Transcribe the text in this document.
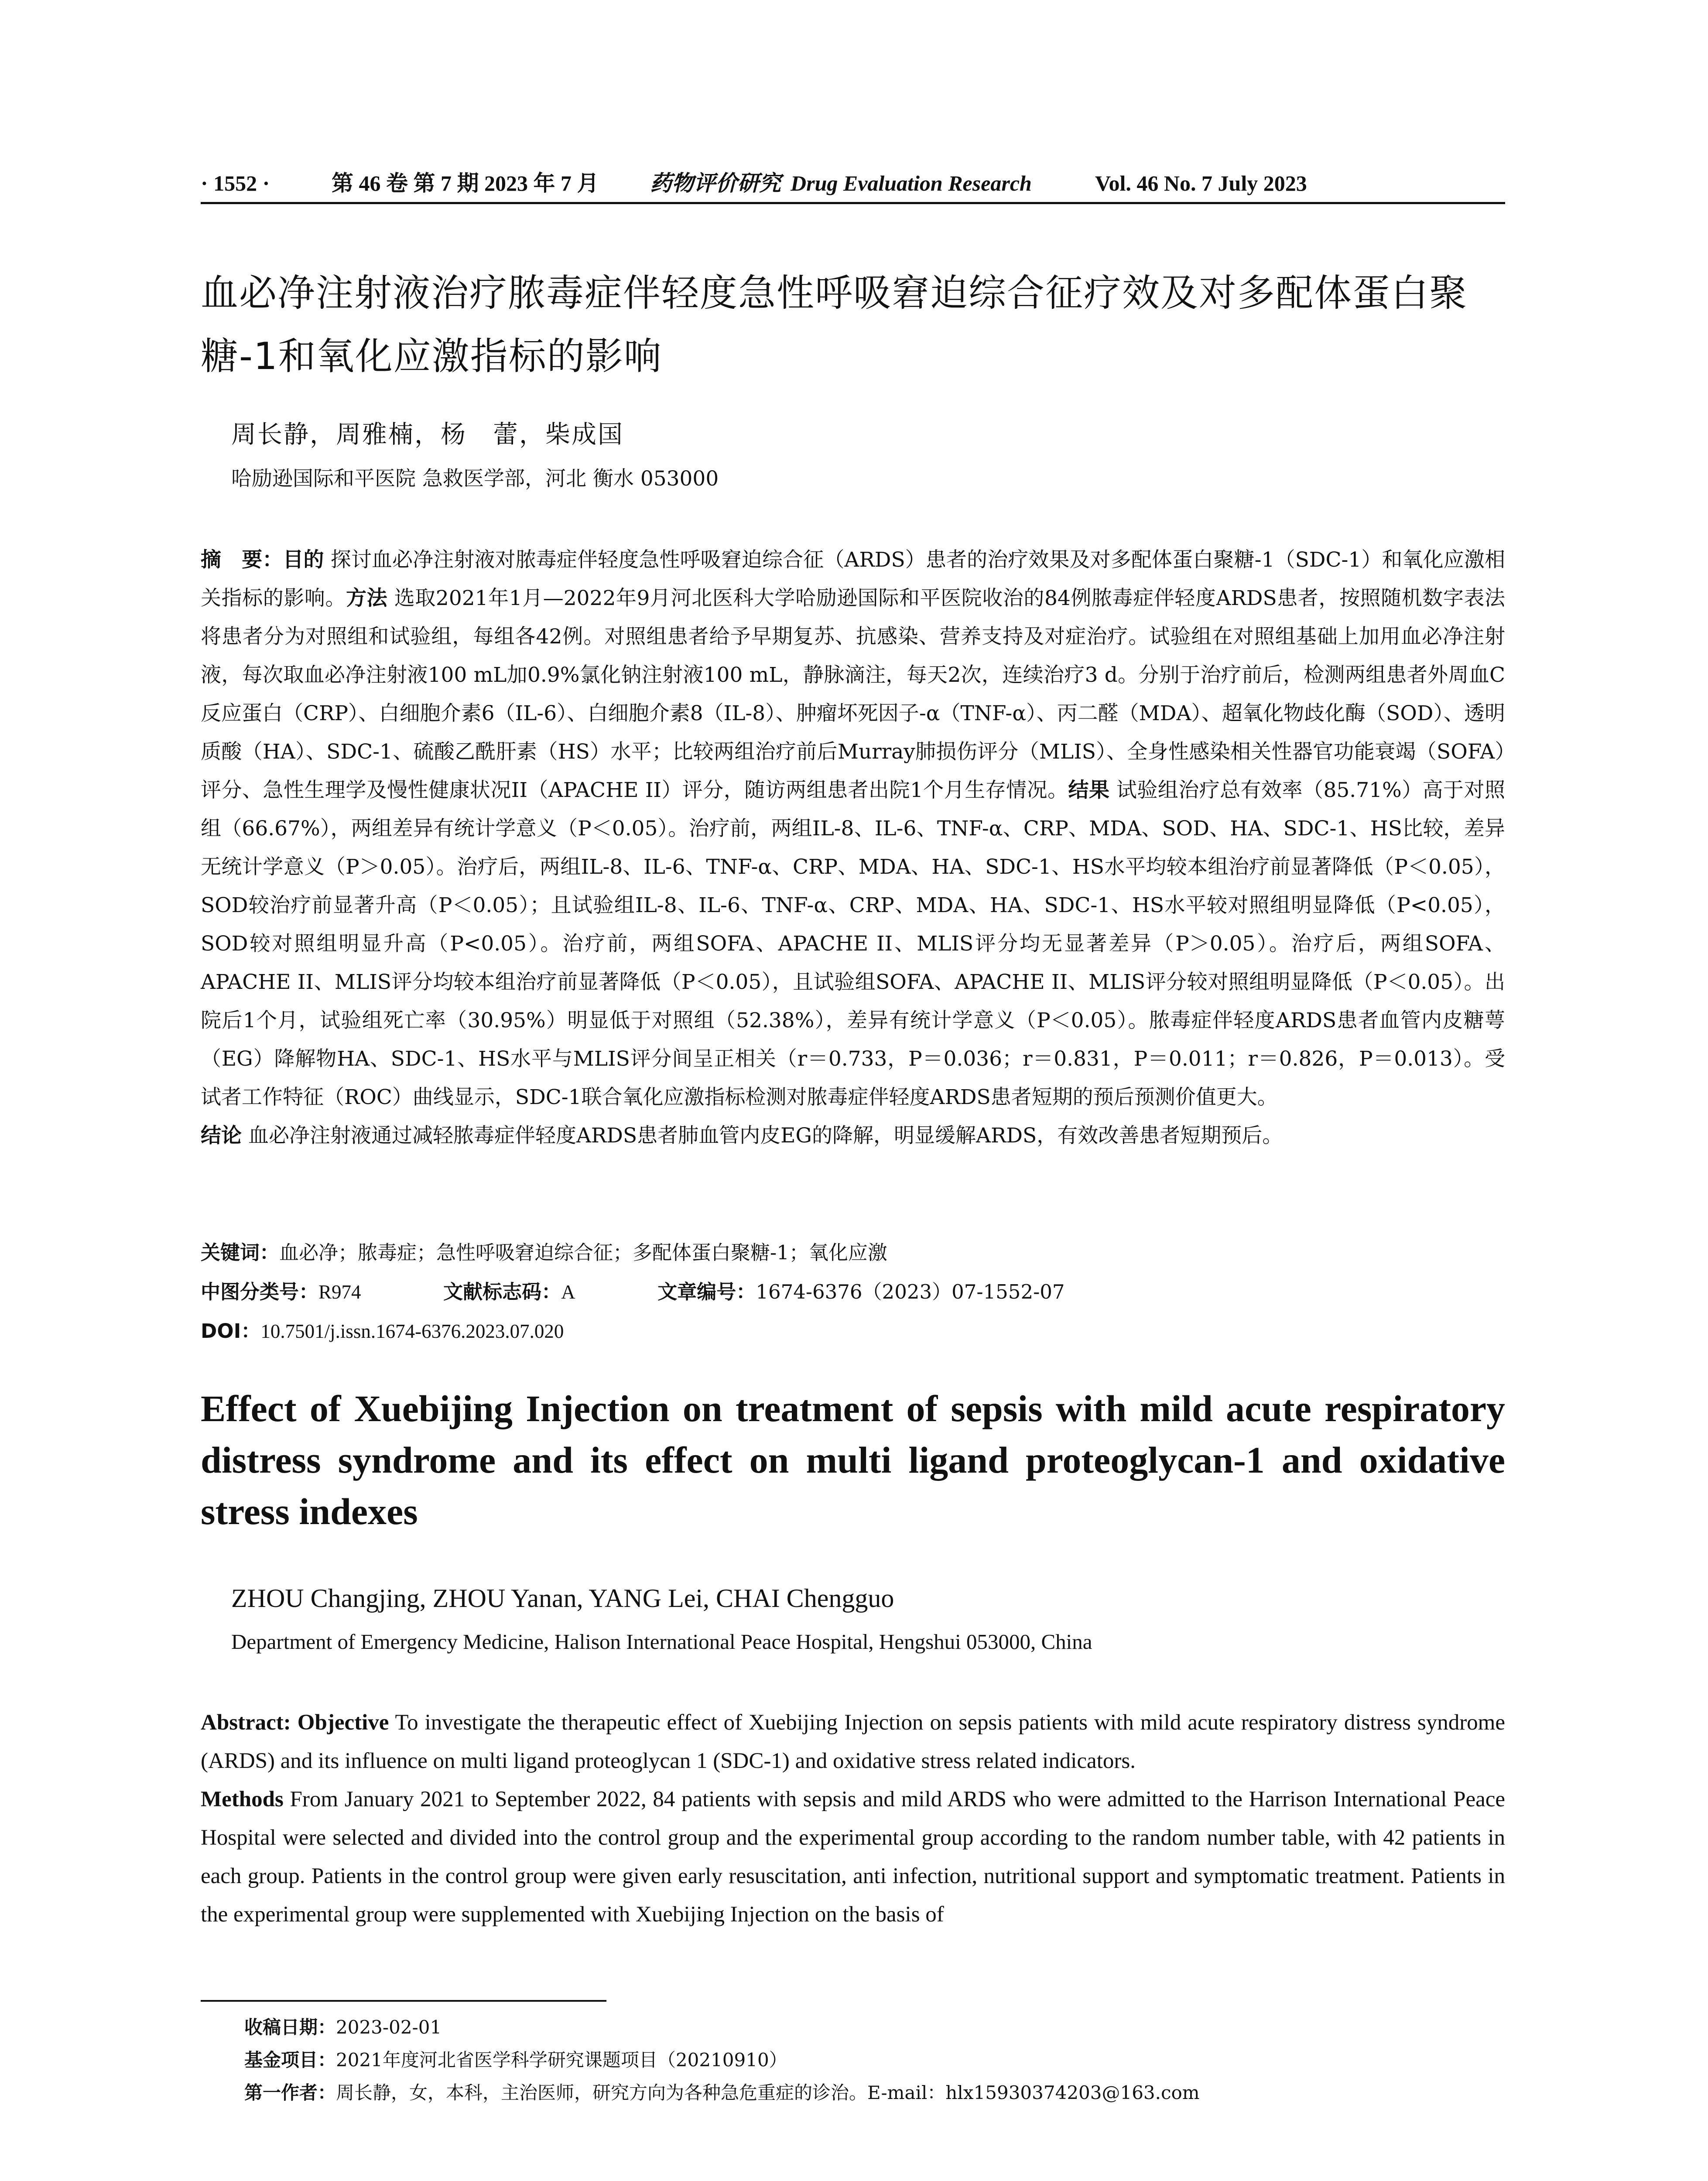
· 1552 ·	第 46 卷 第 7 期 2023 年 7 月 药物评价研究 Drug Evaluation Research	Vol. 46 No. 7 July 2023
血必净注射液治疗脓毒症伴轻度急性呼吸窘迫综合征疗效及对多配体蛋白聚糖-1和氧化应激指标的影响
周长静，周雅楠，杨　蕾，柴成国
哈励逊国际和平医院 急救医学部，河北 衡水 053000

摘　要：目的 探讨血必净注射液对脓毒症伴轻度急性呼吸窘迫综合征（ARDS）患者的治疗效果及对多配体蛋白聚糖-1（SDC-1）和氧化应激相关指标的影响。方法 选取2021年1月—2022年9月河北医科大学哈励逊国际和平医院收治的84例脓毒症伴轻度ARDS患者，按照随机数字表法将患者分为对照组和试验组，每组各42例。对照组患者给予早期复苏、抗感染、营养支持及对症治疗。试验组在对照组基础上加用血必净注射液，每次取血必净注射液100 mL加0.9%氯化钠注射液100 mL，静脉滴注，每天2次，连续治疗3 d。分别于治疗前后，检测两组患者外周血C反应蛋白（CRP）、白细胞介素6（IL-6）、白细胞介素8（IL-8）、肿瘤坏死因子-α（TNF-α）、丙二醛（MDA）、超氧化物歧化酶（SOD）、透明质酸（HA）、SDC-1、硫酸乙酰肝素（HS）水平；比较两组治疗前后Murray肺损伤评分（MLIS）、全身性感染相关性器官功能衰竭（SOFA）评分、急性生理学及慢性健康状况II（APACHE II）评分，随访两组患者出院1个月生存情况。结果 试验组治疗总有效率（85.71%）高于对照组（66.67%），两组差异有统计学意义（P＜0.05）。治疗前，两组IL-8、IL-6、TNF-α、CRP、MDA、SOD、HA、SDC-1、HS比较，差异无统计学意义（P＞0.05）。治疗后，两组IL-8、IL-6、TNF-α、CRP、MDA、HA、SDC-1、HS水平均较本组治疗前显著降低（P＜0.05），SOD较治疗前显著升高（P＜0.05）；且试验组IL-8、IL-6、TNF-α、CRP、MDA、HA、SDC-1、HS水平较对照组明显降低（P<0.05），SOD较对照组明显升高（P<0.05）。治疗前，两组SOFA、APACHE II、MLIS评分均无显著差异（P＞0.05）。治疗后，两组SOFA、APACHE II、MLIS评分均较本组治疗前显著降低（P＜0.05），且试验组SOFA、APACHE II、MLIS评分较对照组明显降低（P＜0.05）。出院后1个月，试验组死亡率（30.95%）明显低于对照组（52.38%），差异有统计学意义（P＜0.05）。脓毒症伴轻度ARDS患者血管内皮糖萼（EG）降解物HA、SDC-1、HS水平与MLIS评分间呈正相关（r＝0.733，P＝0.036；r＝0.831，P＝0.011；r＝0.826，P＝0.013）。受试者工作特征（ROC）曲线显示，SDC-1联合氧化应激指标检测对脓毒症伴轻度ARDS患者短期的预后预测价值更大。
结论 血必净注射液通过减轻脓毒症伴轻度ARDS患者肺血管内皮EG的降解，明显缓解ARDS，有效改善患者短期预后。

关键词：血必净；脓毒症；急性呼吸窘迫综合征；多配体蛋白聚糖-1；氧化应激
中图分类号：R974	文献标志码：A	文章编号：1674-6376（2023）07-1552-07
DOI：10.7501/j.issn.1674-6376.2023.07.020
Effect of Xuebijing Injection on treatment of sepsis with mild acute respiratory distress syndrome and its effect on multi ligand proteoglycan-1 and oxidative stress indexes
ZHOU Changjing, ZHOU Yanan, YANG Lei, CHAI Chengguo
Department of Emergency Medicine, Halison International Peace Hospital, Hengshui 053000, China

Abstract: Objective To investigate the therapeutic effect of Xuebijing Injection on sepsis patients with mild acute respiratory distress syndrome (ARDS) and its influence on multi ligand proteoglycan 1 (SDC-1) and oxidative stress related indicators.
Methods From January 2021 to September 2022, 84 patients with sepsis and mild ARDS who were admitted to the Harrison International Peace Hospital were selected and divided into the control group and the experimental group according to the random number table, with 42 patients in each group. Patients in the control group were given early resuscitation, anti infection, nutritional support and symptomatic treatment. Patients in the experimental group were supplemented with Xuebijing Injection on the basis of

收稿日期：2023-02-01
基金项目：2021年度河北省医学科学研究课题项目（20210910）
第一作者：周长静，女，本科，主治医师，研究方向为各种急危重症的诊治。E-mail：hlx15930374203@163.com
